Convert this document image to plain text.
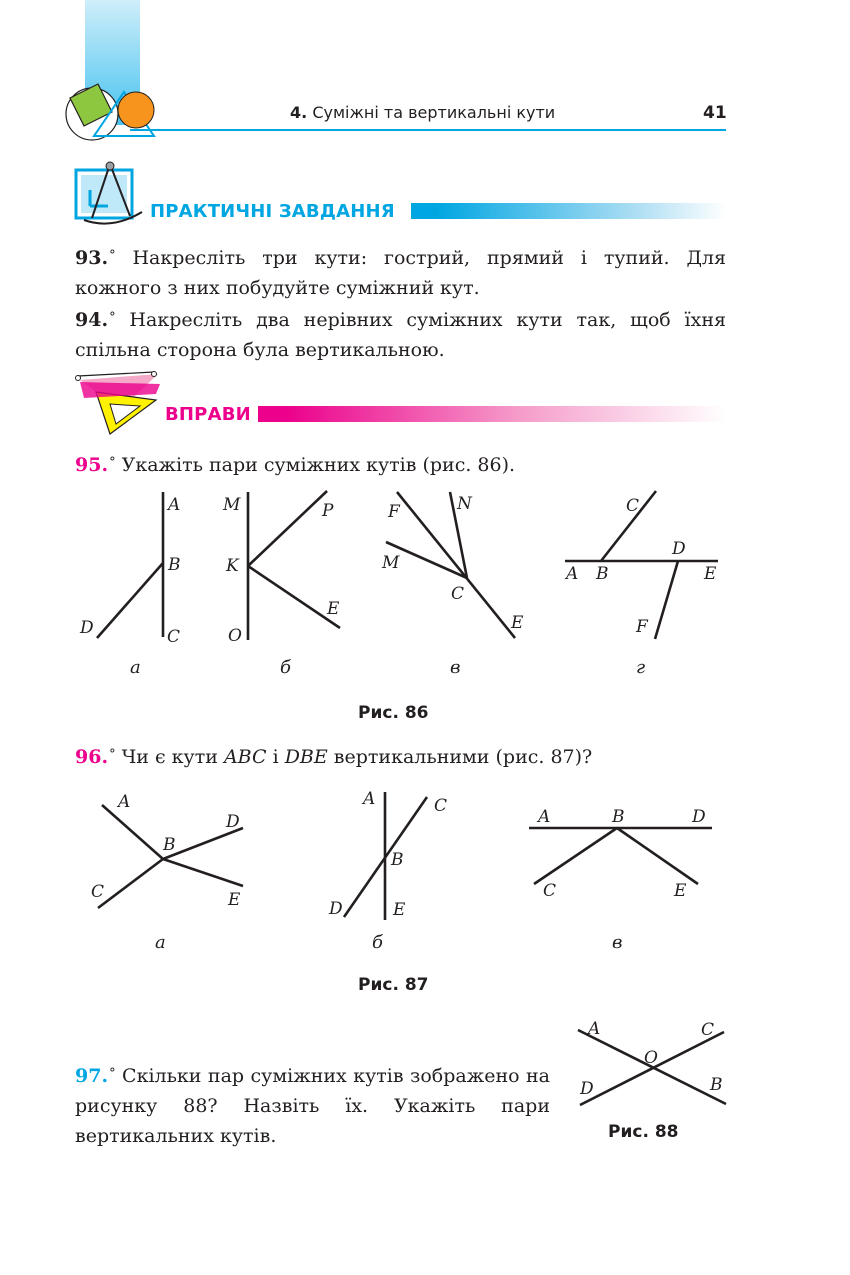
4. Суміжні та вертикальні кути	41
ПРАКТИЧНІ ЗАВДАННЯ
93.° Накресліть три кути: гострий, прямий і тупий. Для кожного з них побудуйте суміжний кут.
94.° Накресліть два нерівних суміжних кути так, щоб їхня спільна сторона була вертикальною.
ВПРАВИ
95.° Укажіть пари суміжних кутів (рис. 86).
A
B
C
D
а
M	P
K
E
O
б
F	N
M
C
E
в
C
D
A B	E
F
г
Рис. 86
96.° Чи є кути ABC і DBE вертикальними (рис. 87)?
A
D
B
C	E
а
A	C
B
D	E
б
A	B	D
C	E
в
Рис. 87
97.° Скільки пар суміжних кутів зображено на рисунку 88? Назвіть їх. Укажіть пари вертикальних кутів.
A	C
O
D	B
Рис. 88
